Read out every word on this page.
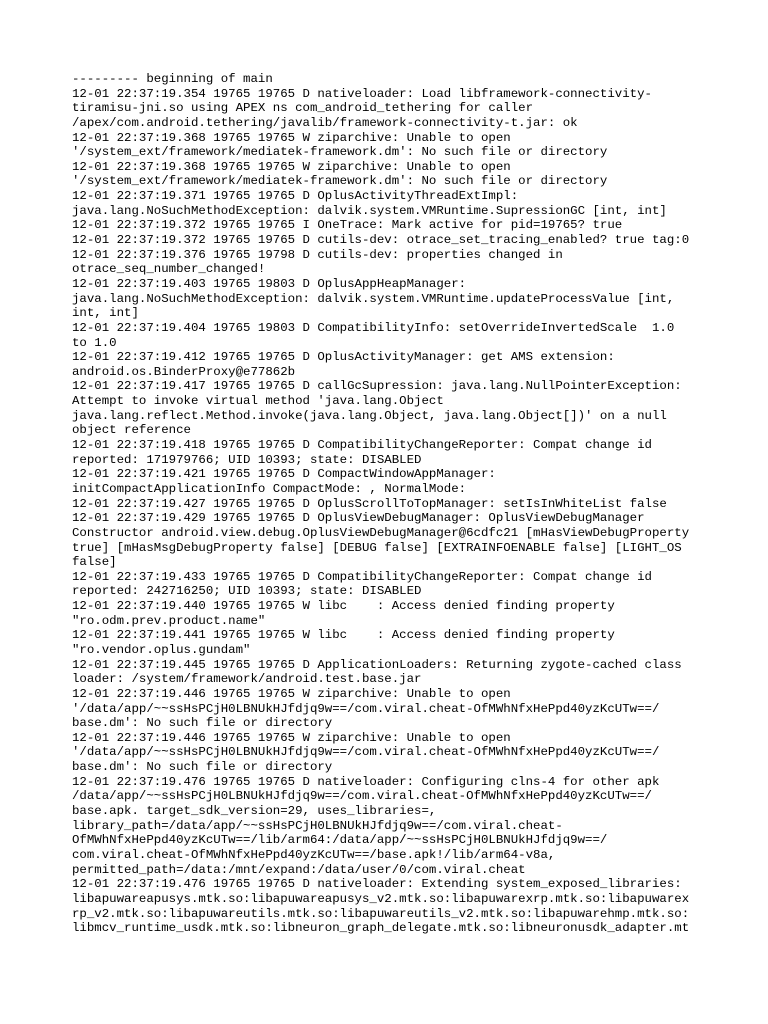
--------- beginning of main
12-01 22:37:19.354 19765 19765 D nativeloader: Load libframework-connectivity-
tiramisu-jni.so using APEX ns com_android_tethering for caller
/apex/com.android.tethering/javalib/framework-connectivity-t.jar: ok
12-01 22:37:19.368 19765 19765 W ziparchive: Unable to open
'/system_ext/framework/mediatek-framework.dm': No such file or directory
12-01 22:37:19.368 19765 19765 W ziparchive: Unable to open
'/system_ext/framework/mediatek-framework.dm': No such file or directory
12-01 22:37:19.371 19765 19765 D OplusActivityThreadExtImpl:
java.lang.NoSuchMethodException: dalvik.system.VMRuntime.SupressionGC [int, int]
12-01 22:37:19.372 19765 19765 I OneTrace: Mark active for pid=19765? true
12-01 22:37:19.372 19765 19765 D cutils-dev: otrace_set_tracing_enabled? true tag:0
12-01 22:37:19.376 19765 19798 D cutils-dev: properties changed in
otrace_seq_number_changed!
12-01 22:37:19.403 19765 19803 D OplusAppHeapManager:
java.lang.NoSuchMethodException: dalvik.system.VMRuntime.updateProcessValue [int,
int, int]
12-01 22:37:19.404 19765 19803 D CompatibilityInfo: setOverrideInvertedScale  1.0
to 1.0
12-01 22:37:19.412 19765 19765 D OplusActivityManager: get AMS extension:
android.os.BinderProxy@e77862b
12-01 22:37:19.417 19765 19765 D callGcSupression: java.lang.NullPointerException:
Attempt to invoke virtual method 'java.lang.Object
java.lang.reflect.Method.invoke(java.lang.Object, java.lang.Object[])' on a null
object reference
12-01 22:37:19.418 19765 19765 D CompatibilityChangeReporter: Compat change id
reported: 171979766; UID 10393; state: DISABLED
12-01 22:37:19.421 19765 19765 D CompactWindowAppManager:
initCompactApplicationInfo CompactMode: , NormalMode:
12-01 22:37:19.427 19765 19765 D OplusScrollToTopManager: setIsInWhiteList false
12-01 22:37:19.429 19765 19765 D OplusViewDebugManager: OplusViewDebugManager
Constructor android.view.debug.OplusViewDebugManager@6cdfc21 [mHasViewDebugProperty
true] [mHasMsgDebugProperty false] [DEBUG false] [EXTRAINFOENABLE false] [LIGHT_OS
false]
12-01 22:37:19.433 19765 19765 D CompatibilityChangeReporter: Compat change id
reported: 242716250; UID 10393; state: DISABLED
12-01 22:37:19.440 19765 19765 W libc    : Access denied finding property
"ro.odm.prev.product.name"
12-01 22:37:19.441 19765 19765 W libc    : Access denied finding property
"ro.vendor.oplus.gundam"
12-01 22:37:19.445 19765 19765 D ApplicationLoaders: Returning zygote-cached class
loader: /system/framework/android.test.base.jar
12-01 22:37:19.446 19765 19765 W ziparchive: Unable to open
'/data/app/~~ssHsPCjH0LBNUkHJfdjq9w==/com.viral.cheat-OfMWhNfxHePpd40yzKcUTw==/
base.dm': No such file or directory
12-01 22:37:19.446 19765 19765 W ziparchive: Unable to open
'/data/app/~~ssHsPCjH0LBNUkHJfdjq9w==/com.viral.cheat-OfMWhNfxHePpd40yzKcUTw==/
base.dm': No such file or directory
12-01 22:37:19.476 19765 19765 D nativeloader: Configuring clns-4 for other apk
/data/app/~~ssHsPCjH0LBNUkHJfdjq9w==/com.viral.cheat-OfMWhNfxHePpd40yzKcUTw==/
base.apk. target_sdk_version=29, uses_libraries=,
library_path=/data/app/~~ssHsPCjH0LBNUkHJfdjq9w==/com.viral.cheat-
OfMWhNfxHePpd40yzKcUTw==/lib/arm64:/data/app/~~ssHsPCjH0LBNUkHJfdjq9w==/
com.viral.cheat-OfMWhNfxHePpd40yzKcUTw==/base.apk!/lib/arm64-v8a,
permitted_path=/data:/mnt/expand:/data/user/0/com.viral.cheat
12-01 22:37:19.476 19765 19765 D nativeloader: Extending system_exposed_libraries:
libapuwareapusys.mtk.so:libapuwareapusys_v2.mtk.so:libapuwarexrp.mtk.so:libapuwarex
rp_v2.mtk.so:libapuwareutils.mtk.so:libapuwareutils_v2.mtk.so:libapuwarehmp.mtk.so:
libmcv_runtime_usdk.mtk.so:libneuron_graph_delegate.mtk.so:libneuronusdk_adapter.mt
